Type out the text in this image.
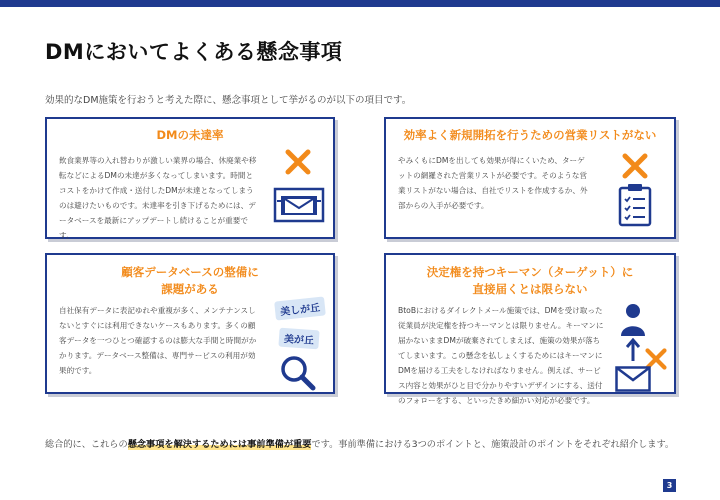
DMにおいてよくある懸念事項
効果的なDM施策を行おうと考えた際に、懸念事項として挙がるのが以下の項目です。
DMの未達率
飲食業界等の入れ替わりが激しい業界の場合、休廃業や移転などによるDMの未達が多くなってしまいます。時間とコストをかけて作成・送付したDMが未達となってしまうのは避けたいものです。未達率を引き下げるためには、データベースを最新にアップデートし続けることが重要です。
効率よく新規開拓を行うための営業リストがない
やみくもにDMを出しても効果が得にくいため、ターゲットの網羅された営業リストが必要です。そのような営業リストがない場合は、自社でリストを作成するか、外部からの入手が必要です。
顧客データベースの整備に
課題がある
自社保有データに表記ゆれや重複が多く、メンテナンスしないとすぐには利用できないケースもあります。多くの顧客データを一つひとつ確認するのは膨大な手間と時間がかかります。データベース整備は、専門サービスの利用が効果的です。
美しが丘
美が丘
決定権を持つキーマン（ターゲット）に
直接届くとは限らない
BtoBにおけるダイレクトメール施策では、DMを受け取った従業員が決定権を持つキーマンとは限りません。キーマンに届かないままDMが破棄されてしまえば、施策の効果が落ちてしまいます。この懸念を払しょくするためにはキーマンにDMを届ける工夫をしなければなりません。例えば、サービス内容と効果がひと目で分かりやすいデザインにする、送付のフォローをする、といったきめ細かい対応が必要です。
総合的に、これらの懸念事項を解決するためには事前準備が重要です。事前準備における3つのポイントと、施策設計のポイントをそれぞれ紹介します。
3
